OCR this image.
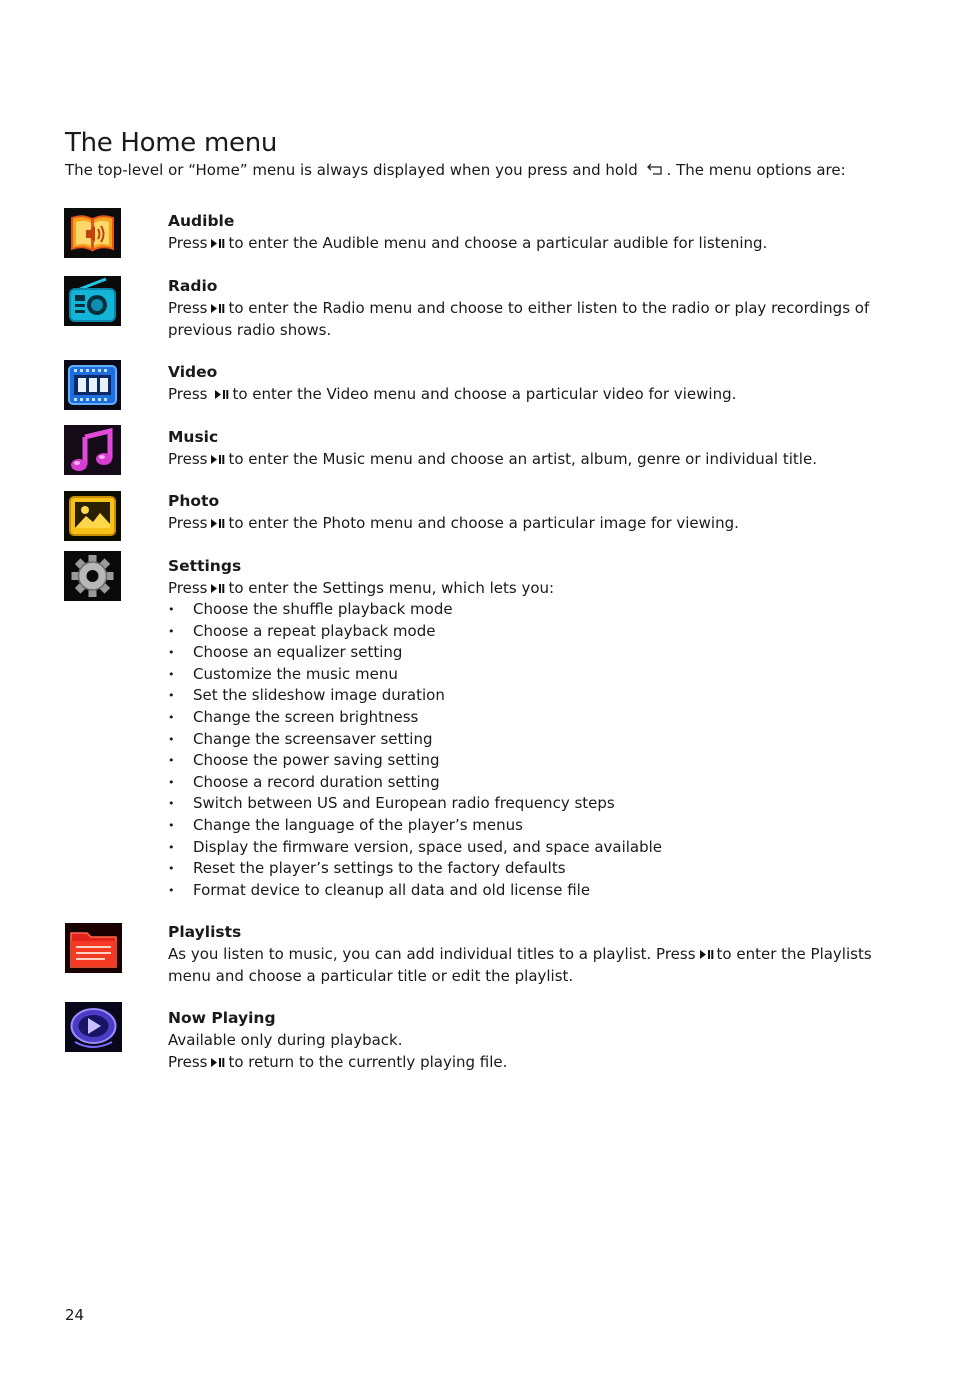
The Home menu
The top-level or “Home” menu is always displayed when you press and hold . The menu options are:
Audible
Press to enter the Audible menu and choose a particular audible for listening.
Radio
Press to enter the Radio menu and choose to either listen to the radio or play recordings of previous radio shows.
Video
Press to enter the Video menu and choose a particular video for viewing.
Music
Press to enter the Music menu and choose an artist, album, genre or individual title.
Photo
Press to enter the Photo menu and choose a particular image for viewing.
Settings
Press to enter the Settings menu, which lets you:
• Choose the shuffle playback mode
• Choose a repeat playback mode
• Choose an equalizer setting
• Customize the music menu
• Set the slideshow image duration
• Change the screen brightness
• Change the screensaver setting
• Choose the power saving setting
• Choose a record duration setting
• Switch between US and European radio frequency steps
• Change the language of the player’s menus
• Display the firmware version, space used, and space available
• Reset the player’s settings to the factory defaults
• Format device to cleanup all data and old license file
Playlists
As you listen to music, you can add individual titles to a playlist. Press to enter the Playlists menu and choose a particular title or edit the playlist.
Now Playing
Available only during playback.
Press to return to the currently playing file.
24
